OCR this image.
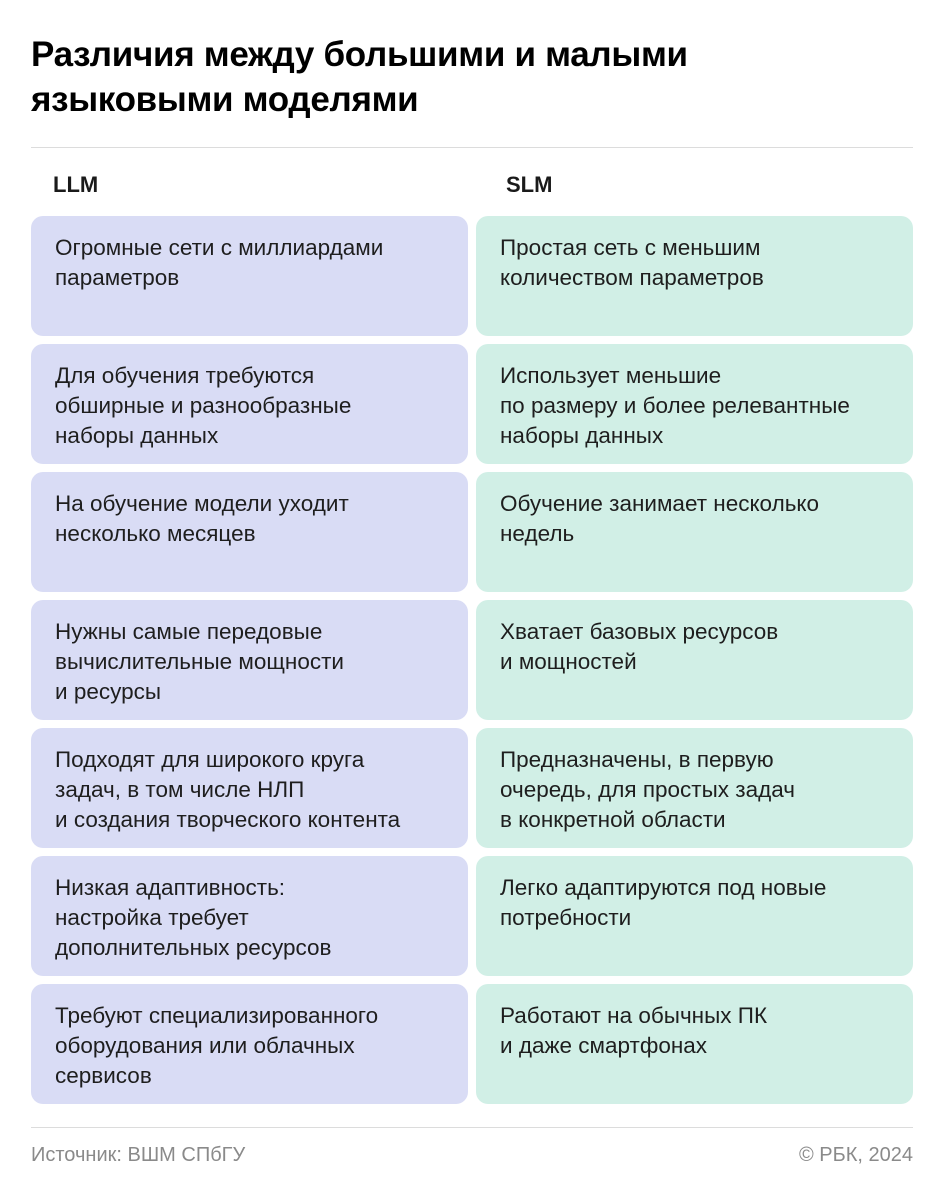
Различия между большими и малыми
языковыми моделями
LLM	SLM
Огромные сети с миллиардами
параметров
Простая сеть с меньшим
количеством параметров
Для обучения требуются
обширные и разнообразные
наборы данных
Использует меньшие
по размеру и более релевантные
наборы данных
На обучение модели уходит
несколько месяцев
Обучение занимает несколько
недель
Нужны самые передовые
вычислительные мощности
и ресурсы
Хватает базовых ресурсов
и мощностей
Подходят для широкого круга
задач, в том числе НЛП
и создания творческого контента
Предназначены, в первую
очередь, для простых задач
в конкретной области
Низкая адаптивность:
настройка требует
дополнительных ресурсов
Легко адаптируются под новые
потребности
Требуют специализированного
оборудования или облачных
сервисов
Работают на обычных ПК
и даже смартфонах
Источник: ВШМ СПбГУ	© РБК, 2024
